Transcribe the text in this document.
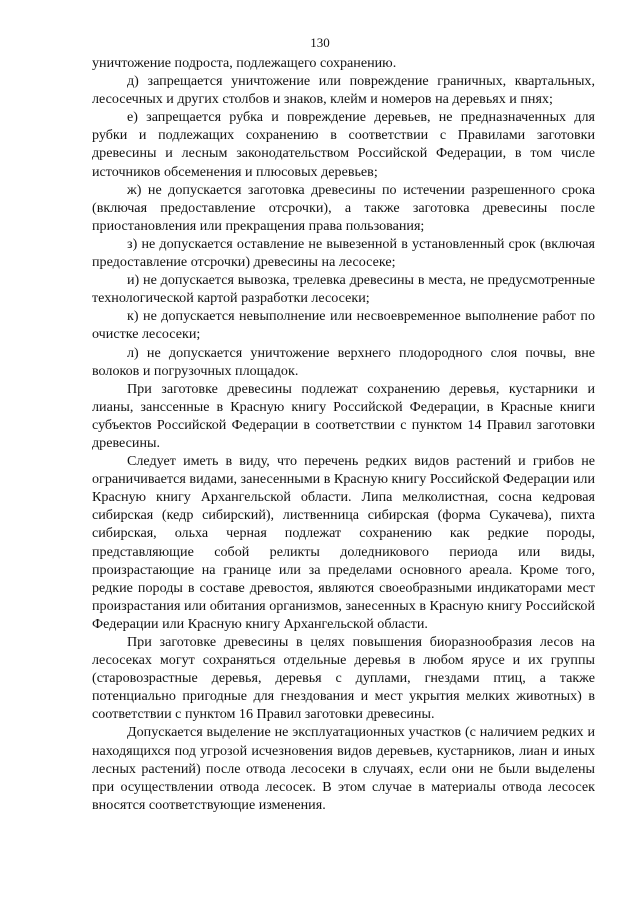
130

уничтожение подроста, подлежащего сохранению.

д) запрещается уничтожение или повреждение граничных, квартальных, лесосечных и других столбов и знаков, клейм и номеров на деревьях и пнях;

е) запрещается рубка и повреждение деревьев, не предназначенных для рубки и подлежащих сохранению в соответствии с Правилами заготовки древесины и лесным законодательством Российской Федерации, в том числе источников обсеменения и плюсовых деревьев;

ж) не допускается заготовка древесины по истечении разрешенного срока (включая предоставление отсрочки), а также заготовка древесины после приостановления или прекращения права пользования;

з) не допускается оставление не вывезенной в установленный срок (включая предоставление отсрочки) древесины на лесосеке;

и) не допускается вывозка, трелевка древесины в места, не предусмотренные технологической картой разработки лесосеки;

к) не допускается невыполнение или несвоевременное выполнение работ по очистке лесосеки;

л) не допускается уничтожение верхнего плодородного слоя почвы, вне волоков и погрузочных площадок.

При заготовке древесины подлежат сохранению деревья, кустарники и лианы, занссенные в Красную книгу Российской Федерации, в Красные книги субъектов Российской Федерации в соответствии с пунктом 14 Правил заготовки древесины.

Следует иметь в виду, что перечень редких видов растений и грибов не ограничивается видами, занесенными в Красную книгу Российской Федерации или Красную книгу Архангельской области. Липа мелколистная, сосна кедровая сибирская (кедр сибирский), лиственница сибирская (форма Сукачева), пихта сибирская, ольха черная подлежат сохранению как редкие породы, представляющие собой реликты доледникового периода или виды, произрастающие на границе или за пределами основного ареала. Кроме того, редкие породы в составе древостоя, являются своеобразными индикаторами мест произрастания или обитания организмов, занесенных в Красную книгу Российской Федерации или Красную книгу Архангельской области.

При заготовке древесины в целях повышения биоразнообразия лесов на лесосеках могут сохраняться отдельные деревья в любом ярусе и их группы (старовозрастные деревья, деревья с дуплами, гнездами птиц, а также потенциально пригодные для гнездования и мест укрытия мелких животных) в соответствии с пунктом 16 Правил заготовки древесины.

Допускается выделение не эксплуатационных участков (с наличием редких и находящихся под угрозой исчезновения видов деревьев, кустарников, лиан и иных лесных растений) после отвода лесосеки в случаях, если они не были выделены при осуществлении отвода лесосек. В этом случае в материалы отвода лесосек вносятся соответствующие изменения.
